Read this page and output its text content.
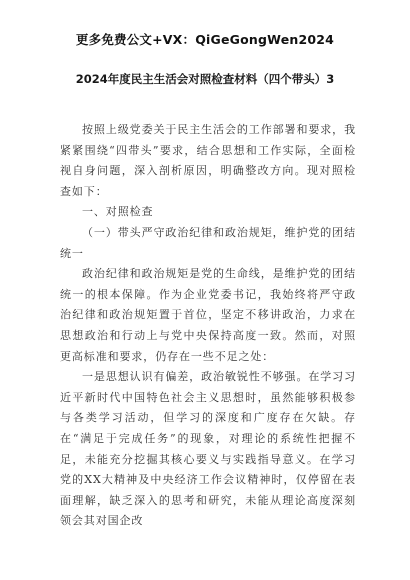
更多免费公文+VX：QiGeGongWen2024
2024年度民主生活会对照检查材料（四个带头）3

按照上级党委关于民主生活会的工作部署和要求，我紧紧围绕“四带头”要求，结合思想和工作实际，全面检视自身问题，深入剖析原因，明确整改方向。现对照检查如下：

一、对照检查

（一）带头严守政治纪律和政治规矩，维护党的团结统一

政治纪律和政治规矩是党的生命线，是维护党的团结统一的根本保障。作为企业党委书记，我始终将严守政治纪律和政治规矩置于首位，坚定不移讲政治，力求在思想政治和行动上与党中央保持高度一致。然而，对照更高标准和要求，仍存在一些不足之处：

一是思想认识有偏差，政治敏锐性不够强。在学习习近平新时代中国特色社会主义思想时，虽然能够积极参与各类学习活动，但学习的深度和广度存在欠缺。存在“满足于完成任务”的现象，对理论的系统性把握不足，未能充分挖掘其核心要义与实践指导意义。在学习党的XX大精神及中央经济工作会议精神时，仅停留在表面理解，缺乏深入的思考和研究，未能从理论高度深刻领会其对国企改
